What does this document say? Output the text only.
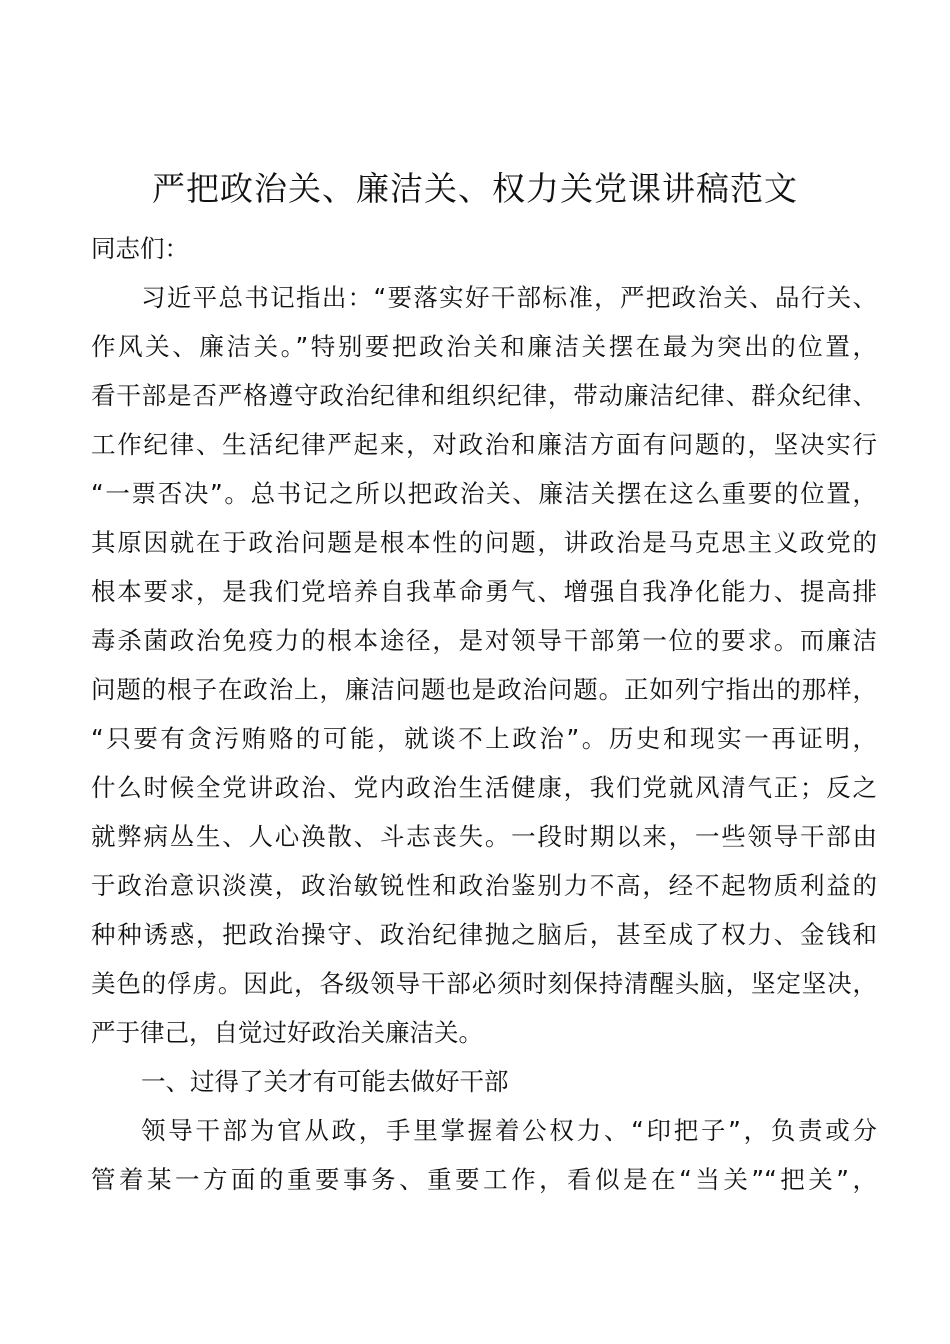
严把政治关、廉洁关、权力关党课讲稿范文
同志们：
习近平总书记指出：“要落实好干部标准，严把政治关、品行关、
作风关、廉洁关。”特别要把政治关和廉洁关摆在最为突出的位置，
看干部是否严格遵守政治纪律和组织纪律，带动廉洁纪律、群众纪律、
工作纪律、生活纪律严起来，对政治和廉洁方面有问题的，坚决实行
“一票否决”。总书记之所以把政治关、廉洁关摆在这么重要的位置，
其原因就在于政治问题是根本性的问题，讲政治是马克思主义政党的
根本要求，是我们党培养自我革命勇气、增强自我净化能力、提高排
毒杀菌政治免疫力的根本途径，是对领导干部第一位的要求。而廉洁
问题的根子在政治上，廉洁问题也是政治问题。正如列宁指出的那样，
“只要有贪污贿赂的可能，就谈不上政治”。历史和现实一再证明，
什么时候全党讲政治、党内政治生活健康，我们党就风清气正；反之
就弊病丛生、人心涣散、斗志丧失。一段时期以来，一些领导干部由
于政治意识淡漠，政治敏锐性和政治鉴别力不高，经不起物质利益的
种种诱惑，把政治操守、政治纪律抛之脑后，甚至成了权力、金钱和
美色的俘虏。因此，各级领导干部必须时刻保持清醒头脑，坚定坚决，
严于律己，自觉过好政治关廉洁关。
一、过得了关才有可能去做好干部
领导干部为官从政，手里掌握着公权力、“印把子”，负责或分
管着某一方面的重要事务、重要工作，看似是在“当关”“把关”，
